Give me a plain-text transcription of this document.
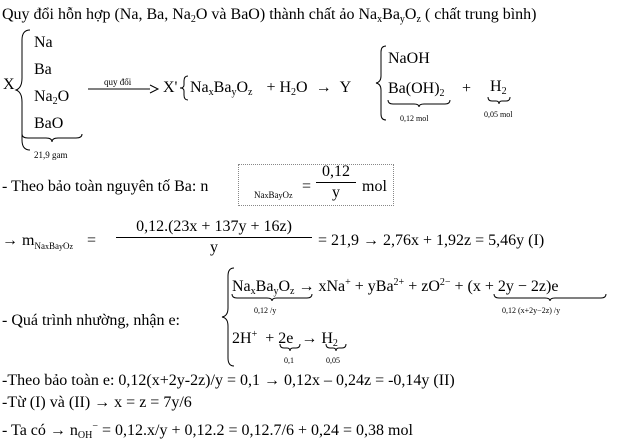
Quy đổi hỗn hợp (Na, Ba, $Na_2O$ và BaO) thành chất ảo $Na_xBa_yO_z$ ( chất trung bình)
X
Na
Ba
$Na_2O$
BaO
21,9 gam
quy đổi X' $Na_xBa_yO_z + H_2O \to Y$
NaOH
$Ba(OH)_2$
0,12 mol
+ $H_2$
0,05 mol
- Theo bảo toàn nguyên tố Ba: n	NaxBayOz
=
0,12
y	mol
→ $m_{NaxBayOz}$ =
0,12.(23x + 137y + 16z)
y	= 21,9 → 2,76x + 1,92z = 5,46y (I)
- Quá trình nhường, nhận e:
$Na_xBa_yO_z \to xNa^+ + yBa^{2+} + zO^{2-} + (x + 2y - 2z)e$
0,12 /y	0,12 (x+2y−2z) /y
$2H^+ + 2e \to H_2$
0,1	0,05
-Theo bảo toàn e: 0,12(x+2y-2z)/y = 0,1 → 0,12x – 0,24z = -0,14y (II)
-Từ (I) và (II) → x = z = 7y/6
- Ta có → $n_{OH}^- = 0,12.x/y + 0,12.2 = 0,12.7/6 + 0,24 = 0,38$ mol
